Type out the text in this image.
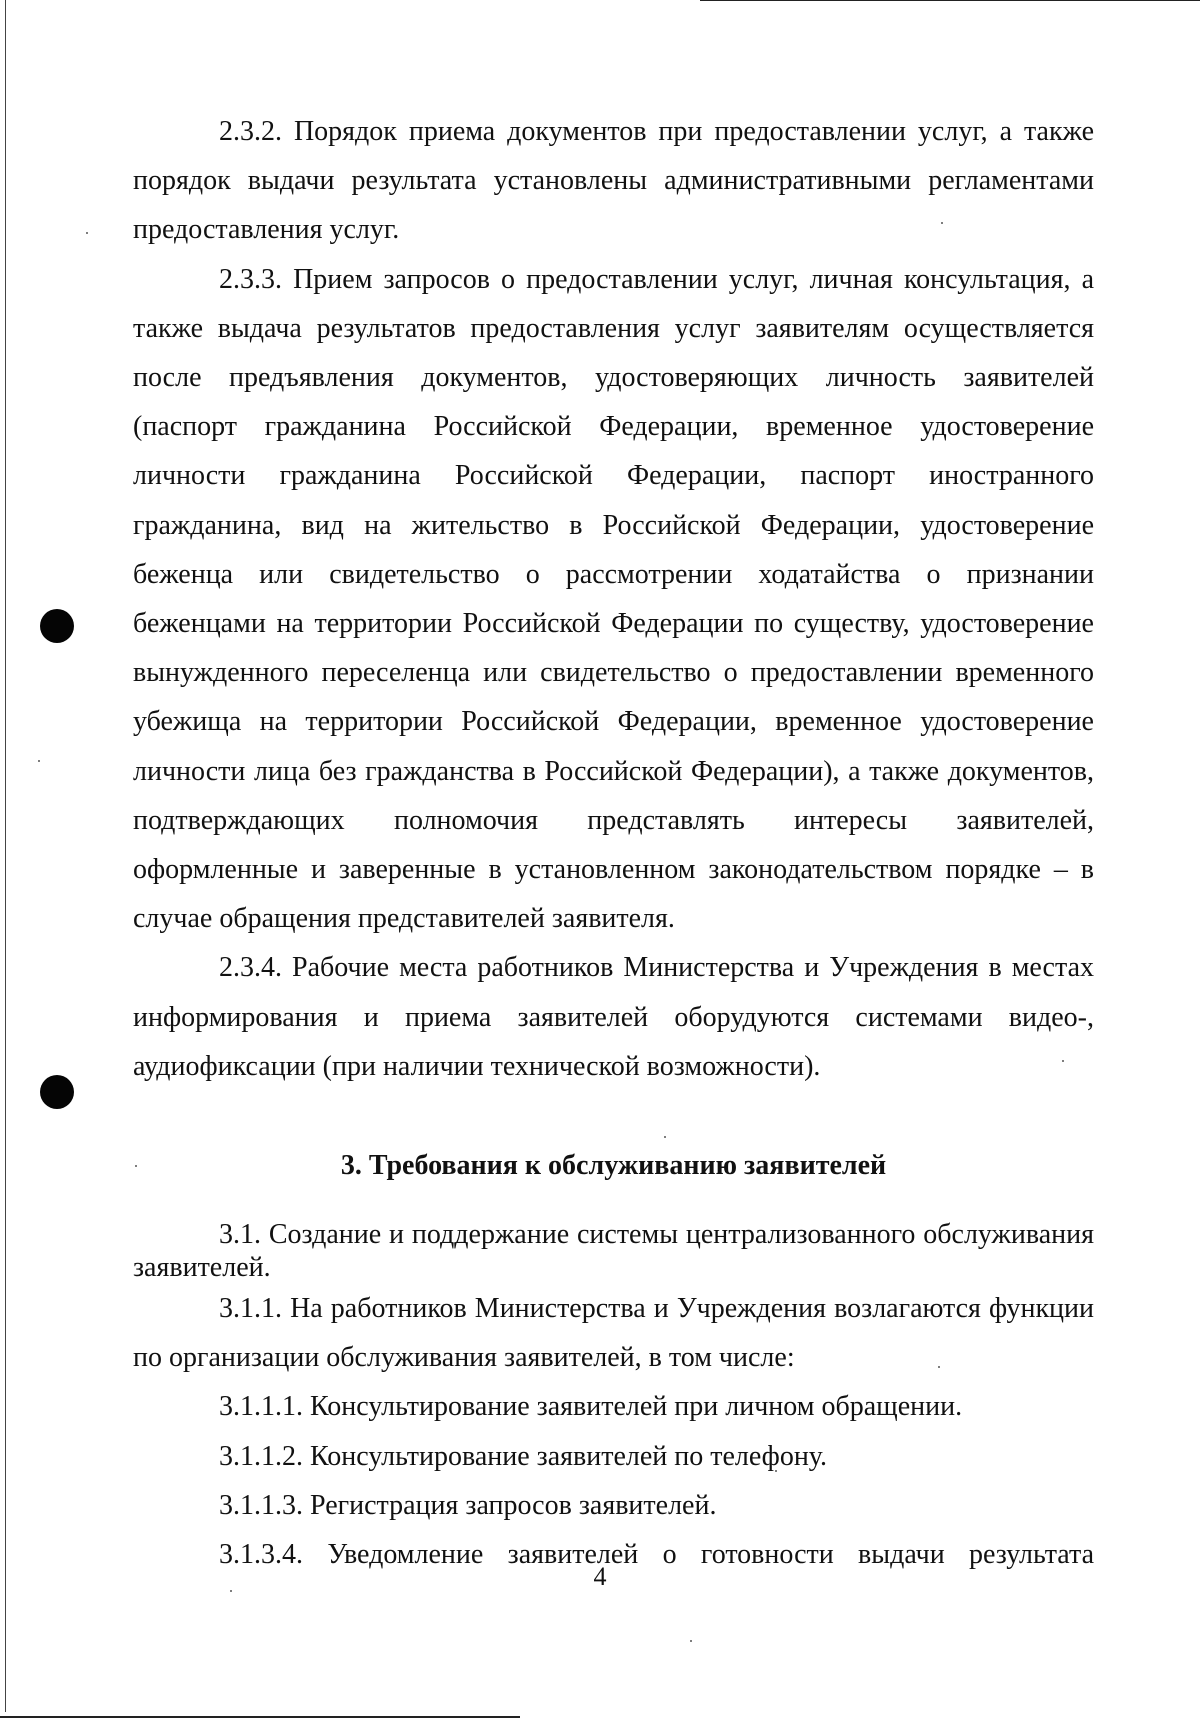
2.3.2. Порядок приема документов при предоставлении услуг, а также порядок выдачи результата установлены административными регламентами предоставления услуг.

2.3.3. Прием запросов о предоставлении услуг, личная консультация, а также выдача результатов предоставления услуг заявителям осуществляется после предъявления документов, удостоверяющих личность заявителей (паспорт гражданина Российской Федерации, временное удостоверение личности гражданина Российской Федерации, паспорт иностранного гражданина, вид на жительство в Российской Федерации, удостоверение беженца или свидетельство о рассмотрении ходатайства о признании беженцами на территории Российской Федерации по существу, удостоверение вынужденного переселенца или свидетельство о предоставлении временного убежища на территории Российской Федерации, временное удостоверение личности лица без гражданства в Российской Федерации), а также документов, подтверждающих полномочия представлять интересы заявителей, оформленные и заверенные в установленном законодательством порядке – в случае обращения представителей заявителя.

2.3.4. Рабочие места работников Министерства и Учреждения в местах информирования и приема заявителей оборудуются системами видео-, аудиофиксации (при наличии технической возможности).

3. Требования к обслуживанию заявителей

3.1. Создание и поддержание системы централизованного обслуживания заявителей.

3.1.1. На работников Министерства и Учреждения возлагаются функции по организации обслуживания заявителей, в том числе:

3.1.1.1. Консультирование заявителей при личном обращении.

3.1.1.2. Консультирование заявителей по телефону.

3.1.1.3. Регистрация запросов заявителей.

3.1.3.4. Уведомление заявителей о готовности выдачи результата

4
